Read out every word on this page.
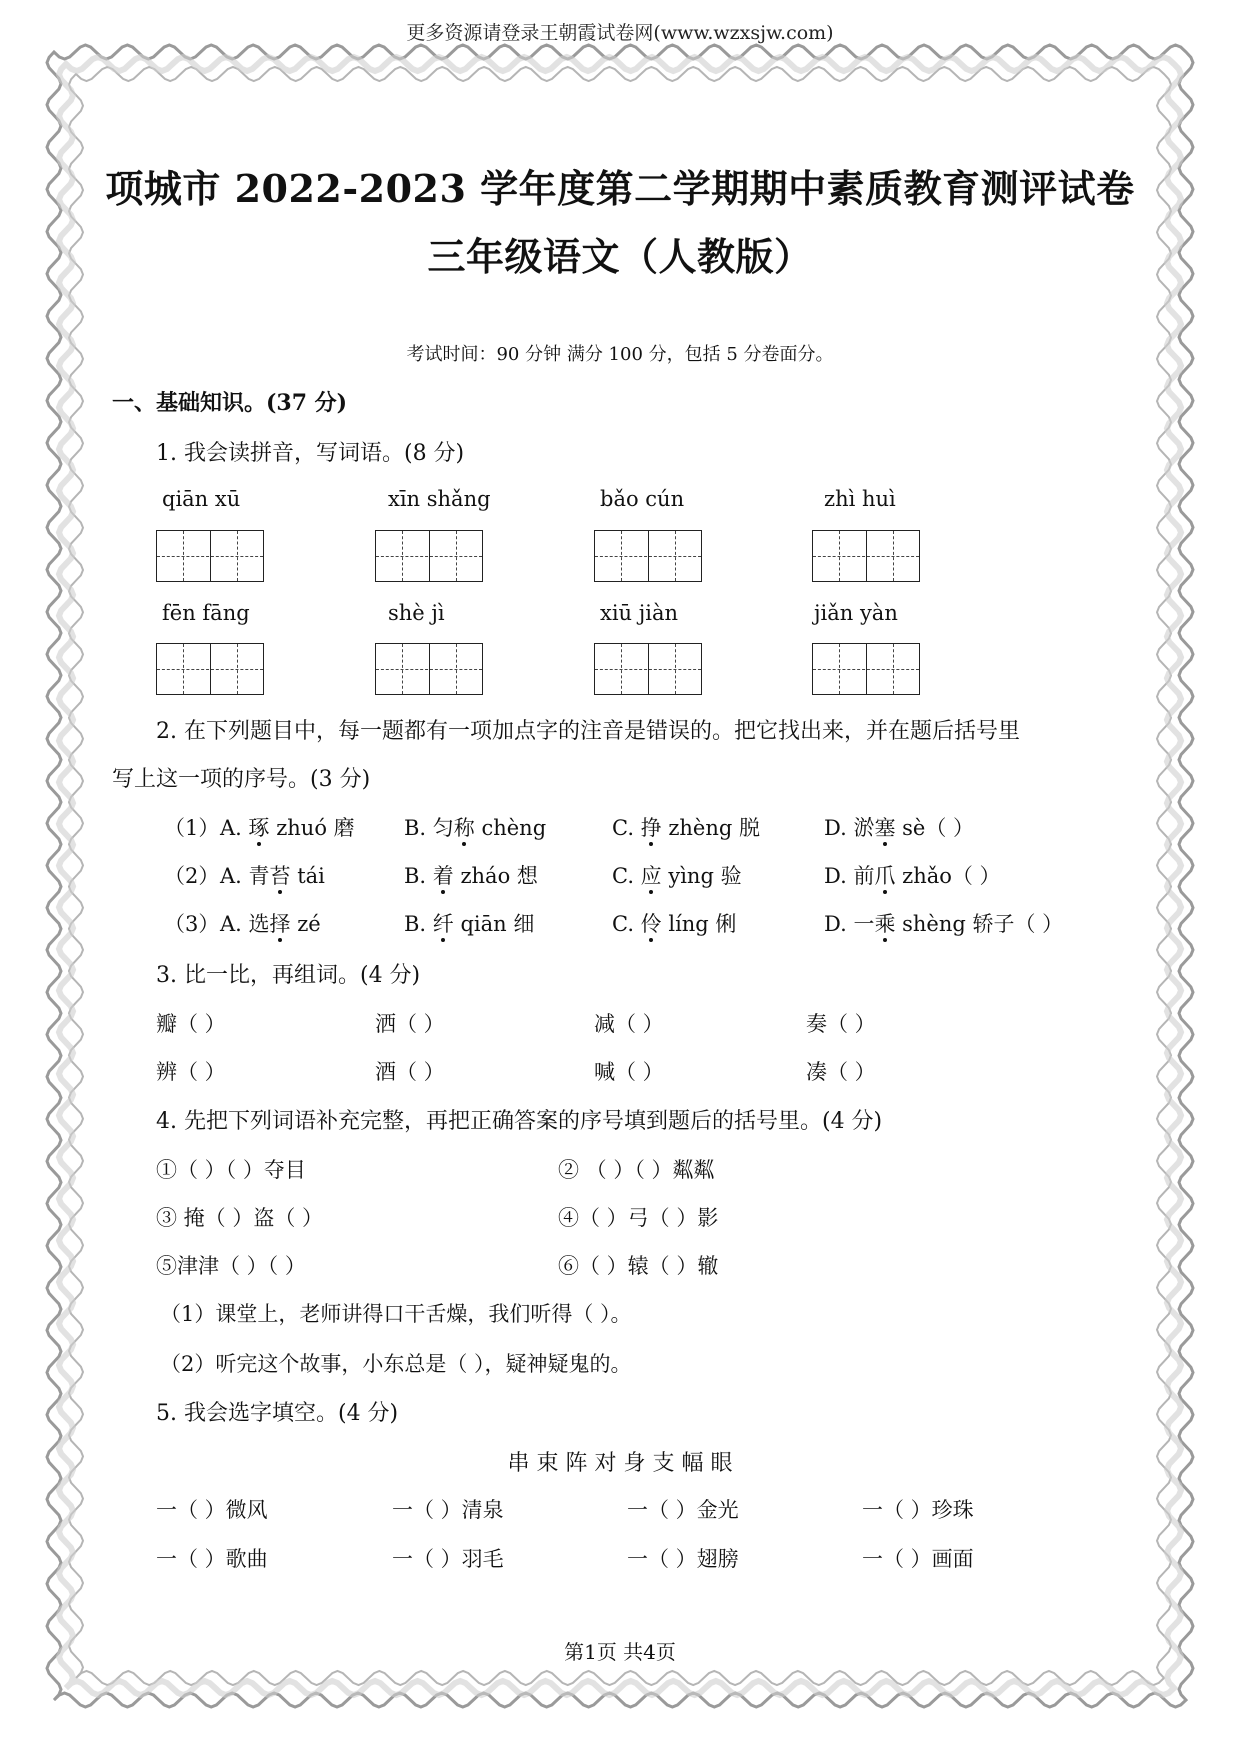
更多资源请登录王朝霞试卷网(www.wzxsjw.com)
项城市 2022-2023 学年度第二学期期中素质教育测评试卷
三年级语文（人教版）
考试时间：90 分钟 满分 100 分，包括 5 分卷面分。
一、基础知识。(37 分)
1. 我会读拼音，写词语。(8 分)
qiān xū	xīn shǎng	bǎo cún	zhì huì
fēn fāng	shè jì	xiū jiàn	jiǎn yàn
2. 在下列题目中，每一题都有一项加点字的注音是错误的。把它找出来，并在题后括号里
写上这一项的序号。(3 分)
（1） A. 琢 zhuó 磨 B. 匀称 chèng	C. 挣 zhèng 脱	D. 淤塞 sè（ ）
（2） A. 青苔 tái	B. 着 zháo 想	C. 应 yìng 验	D. 前爪 zhǎo（ ）
（3） A. 选择 zé	B. 纤 qiān 细	C. 伶 líng 俐	D. 一乘 shèng 轿子（ ）
3. 比一比，再组词。(4 分)
瓣（ ）	洒（ ）	减（ ）	奏（ ）
辨（ ）	酒（ ）	喊（ ）	凑（ ）
4. 先把下列词语补充完整，再把正确答案的序号填到题后的括号里。(4 分)
①（ ）（ ）夺目	② （ ）（ ）粼粼
③ 掩（ ）盗（ ）	④（ ）弓（ ）影
⑤津津（ ）（ ）	⑥（ ）辕（ ）辙
（1）课堂上，老师讲得口干舌燥，我们听得（ ）。
（2）听完这个故事，小东总是（ ），疑神疑鬼的。
5. 我会选字填空。(4 分)
串 束 阵 对 身 支 幅 眼
一（ ）微风	一（ ）清泉	一（ ）金光	一（ ）珍珠
一（ ）歌曲	一（ ）羽毛	一（ ）翅膀	一（ ）画面
第1页 共4页
